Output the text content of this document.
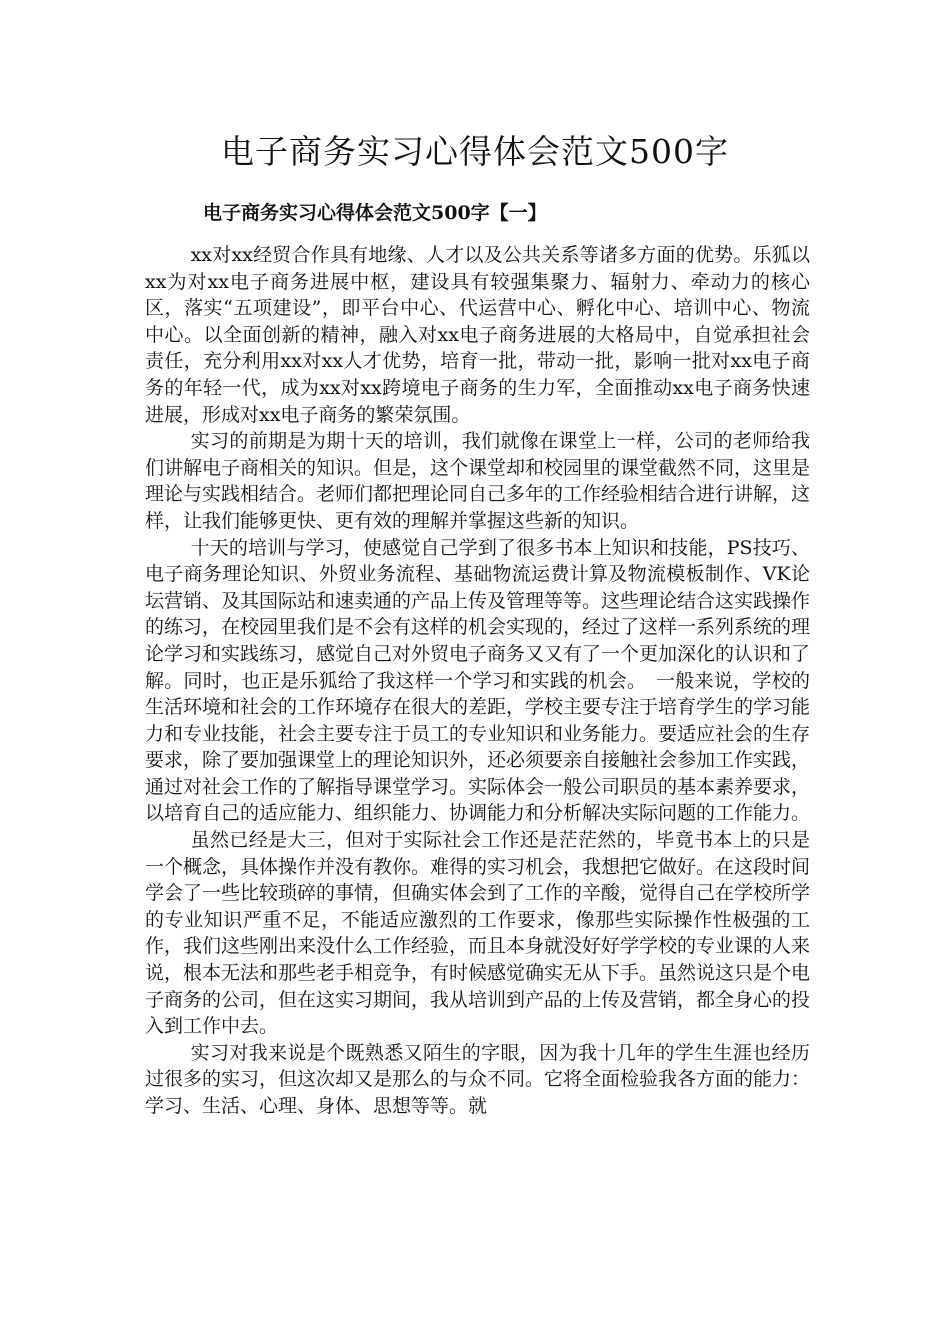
电子商务实习心得体会范文500字
电子商务实习心得体会范文500字【一】

xx对xx经贸合作具有地缘、人才以及公共关系等诸多方面的优势。乐狐以xx为对xx电子商务进展中枢，建设具有较强集聚力、辐射力、牵动力的核心区，落实“五项建设”，即平台中心、代运营中心、孵化中心、培训中心、物流中心。以全面创新的精神，融入对xx电子商务进展的大格局中，自觉承担社会责任，充分利用xx对xx人才优势，培育一批，带动一批，影响一批对xx电子商务的年轻一代，成为xx对xx跨境电子商务的生力军，全面推动xx电子商务快速进展，形成对xx电子商务的繁荣氛围。

实习的前期是为期十天的培训，我们就像在课堂上一样，公司的老师给我们讲解电子商相关的知识。但是，这个课堂却和校园里的课堂截然不同，这里是理论与实践相结合。老师们都把理论同自己多年的工作经验相结合进行讲解，这样，让我们能够更快、更有效的理解并掌握这些新的知识。

十天的培训与学习，使感觉自己学到了很多书本上知识和技能，PS技巧、电子商务理论知识、外贸业务流程、基础物流运费计算及物流模板制作、VK论坛营销、及其国际站和速卖通的产品上传及管理等等。这些理论结合这实践操作的练习，在校园里我们是不会有这样的机会实现的，经过了这样一系列系统的理论学习和实践练习，感觉自己对外贸电子商务又又有了一个更加深化的认识和了解。同时，也正是乐狐给了我这样一个学习和实践的机会。　一般来说，学校的生活环境和社会的工作环境存在很大的差距，学校主要专注于培育学生的学习能力和专业技能，社会主要专注于员工的专业知识和业务能力。要适应社会的生存要求，除了要加强课堂上的理论知识外，还必须要亲自接触社会参加工作实践，通过对社会工作的了解指导课堂学习。实际体会一般公司职员的基本素养要求，以培育自己的适应能力、组织能力、协调能力和分析解决实际问题的工作能力。

虽然已经是大三，但对于实际社会工作还是茫茫然的，毕竟书本上的只是一个概念，具体操作并没有教你。难得的实习机会，我想把它做好。在这段时间学会了一些比较琐碎的事情，但确实体会到了工作的辛酸，觉得自己在学校所学的专业知识严重不足，不能适应激烈的工作要求，像那些实际操作性极强的工作，我们这些刚出来没什么工作经验，而且本身就没好好学学校的专业课的人来说，根本无法和那些老手相竞争，有时候感觉确实无从下手。虽然说这只是个电子商务的公司，但在这实习期间，我从培训到产品的上传及营销，都全身心的投入到工作中去。

实习对我来说是个既熟悉又陌生的字眼，因为我十几年的学生生涯也经历过很多的实习，但这次却又是那么的与众不同。它将全面检验我各方面的能力：学习、生活、心理、身体、思想等等。就
